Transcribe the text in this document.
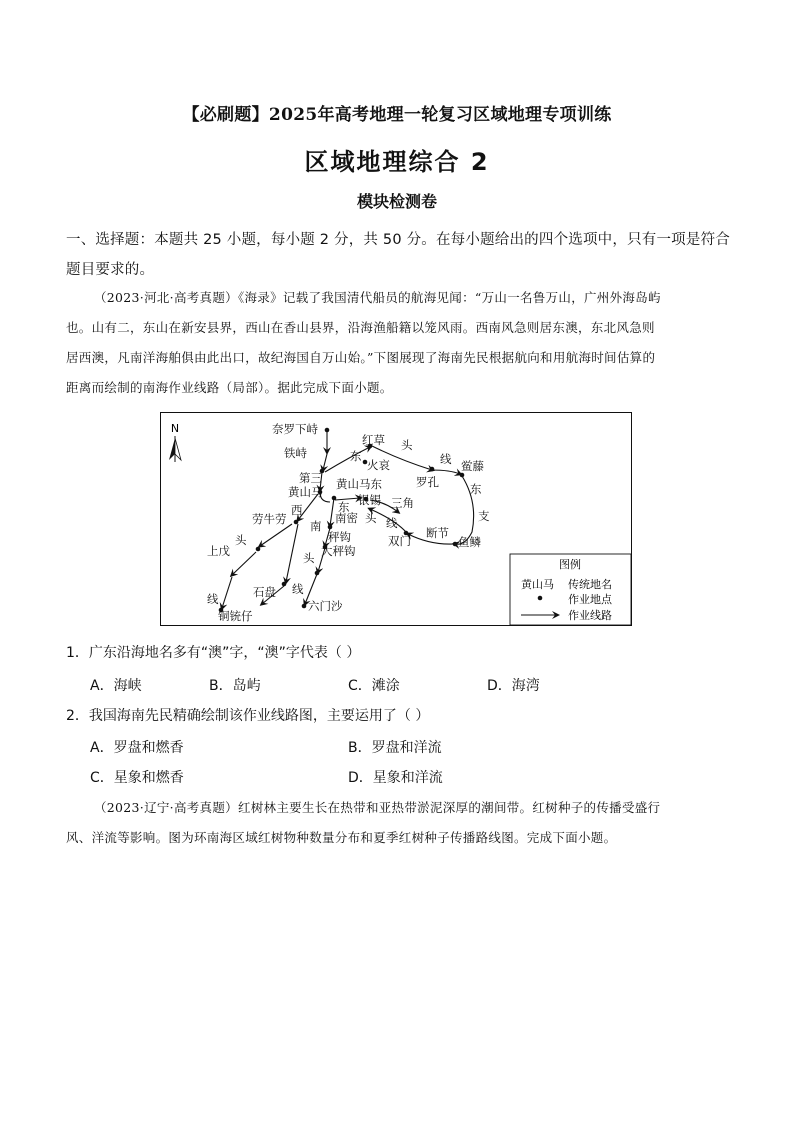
【必刷题】2025年高考地理一轮复习区域地理专项训练
区域地理综合 2
模块检测卷
一、选择题：本题共 25 小题，每小题 2 分，共 50 分。在每小题给出的四个选项中，只有一项是符合
题目要求的。
（2023·河北·高考真题）《海录》记载了我国清代船员的航海见闻：“万山一名鲁万山，广州外海岛屿
也。山有二，东山在新安县界，西山在香山县界，沿海渔船籍以笼风雨。西南风急则居东澳，东北风急则
居西澳，凡南洋海舶俱由此出口，故纪海国自万山始。”下图展现了海南先民根据航向和用航海时间估算的
距离而绘制的南海作业线路（局部）。据此完成下面小题。
N	奈罗下峙
铁峙
红草
火哀
第三
黄山马
黄山马东
银锡 三角
罗孔
鲎藤
劳牛劳	南密
秤钩
大秤钩
双门
断节
鱼鳞
上戊
石盘
铜铳仔
六门沙
西
头
线
南
头
线
东
头
线
东
支
东
头 线
图例
黄山马 传统地名
作业地点
作业线路
1．广东沿海地名多有“澳”字，“澳”字代表（ ）
A．海峡	B．岛屿	C．滩涂	D．海湾
2．我国海南先民精确绘制该作业线路图，主要运用了（ ）
A．罗盘和燃香	B．罗盘和洋流
C．星象和燃香	D．星象和洋流
（2023·辽宁·高考真题）红树林主要生长在热带和亚热带淤泥深厚的潮间带。红树种子的传播受盛行
风、洋流等影响。图为环南海区域红树物种数量分布和夏季红树种子传播路线图。完成下面小题。
